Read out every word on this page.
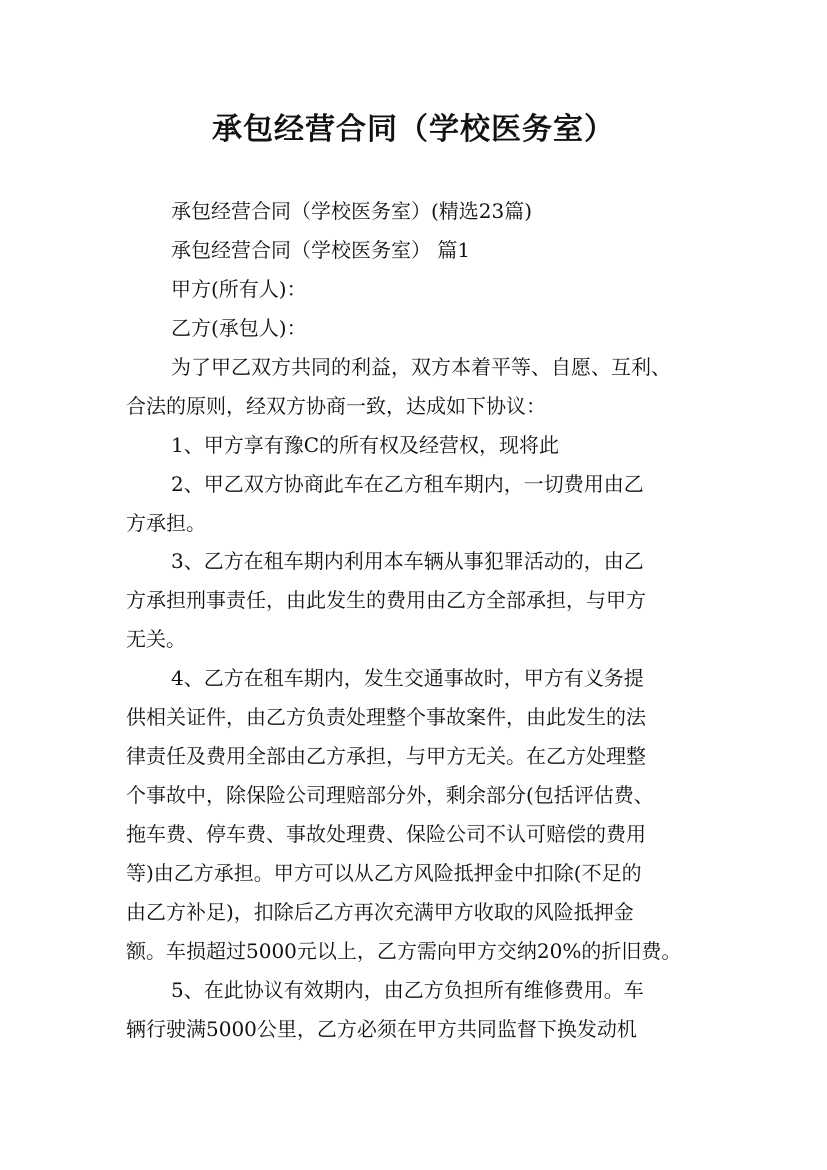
承包经营合同（学校医务室）
承包经营合同（学校医务室）(精选23篇)
承包经营合同（学校医务室） 篇1
甲方(所有人)：
乙方(承包人)：
为了甲乙双方共同的利益，双方本着平等、自愿、互利、
合法的原则，经双方协商一致，达成如下协议：
1、甲方享有豫C的所有权及经营权，现将此
2、甲乙双方协商此车在乙方租车期内，一切费用由乙
方承担。
3、乙方在租车期内利用本车辆从事犯罪活动的，由乙
方承担刑事责任，由此发生的费用由乙方全部承担，与甲方
无关。
4、乙方在租车期内，发生交通事故时，甲方有义务提
供相关证件，由乙方负责处理整个事故案件，由此发生的法
律责任及费用全部由乙方承担，与甲方无关。在乙方处理整
个事故中，除保险公司理赔部分外，剩余部分(包括评估费、
拖车费、停车费、事故处理费、保险公司不认可赔偿的费用
等)由乙方承担。甲方可以从乙方风险抵押金中扣除(不足的
由乙方补足)，扣除后乙方再次充满甲方收取的风险抵押金
额。车损超过5000元以上，乙方需向甲方交纳20%的折旧费。
5、在此协议有效期内，由乙方负担所有维修费用。车
辆行驶满5000公里，乙方必须在甲方共同监督下换发动机
